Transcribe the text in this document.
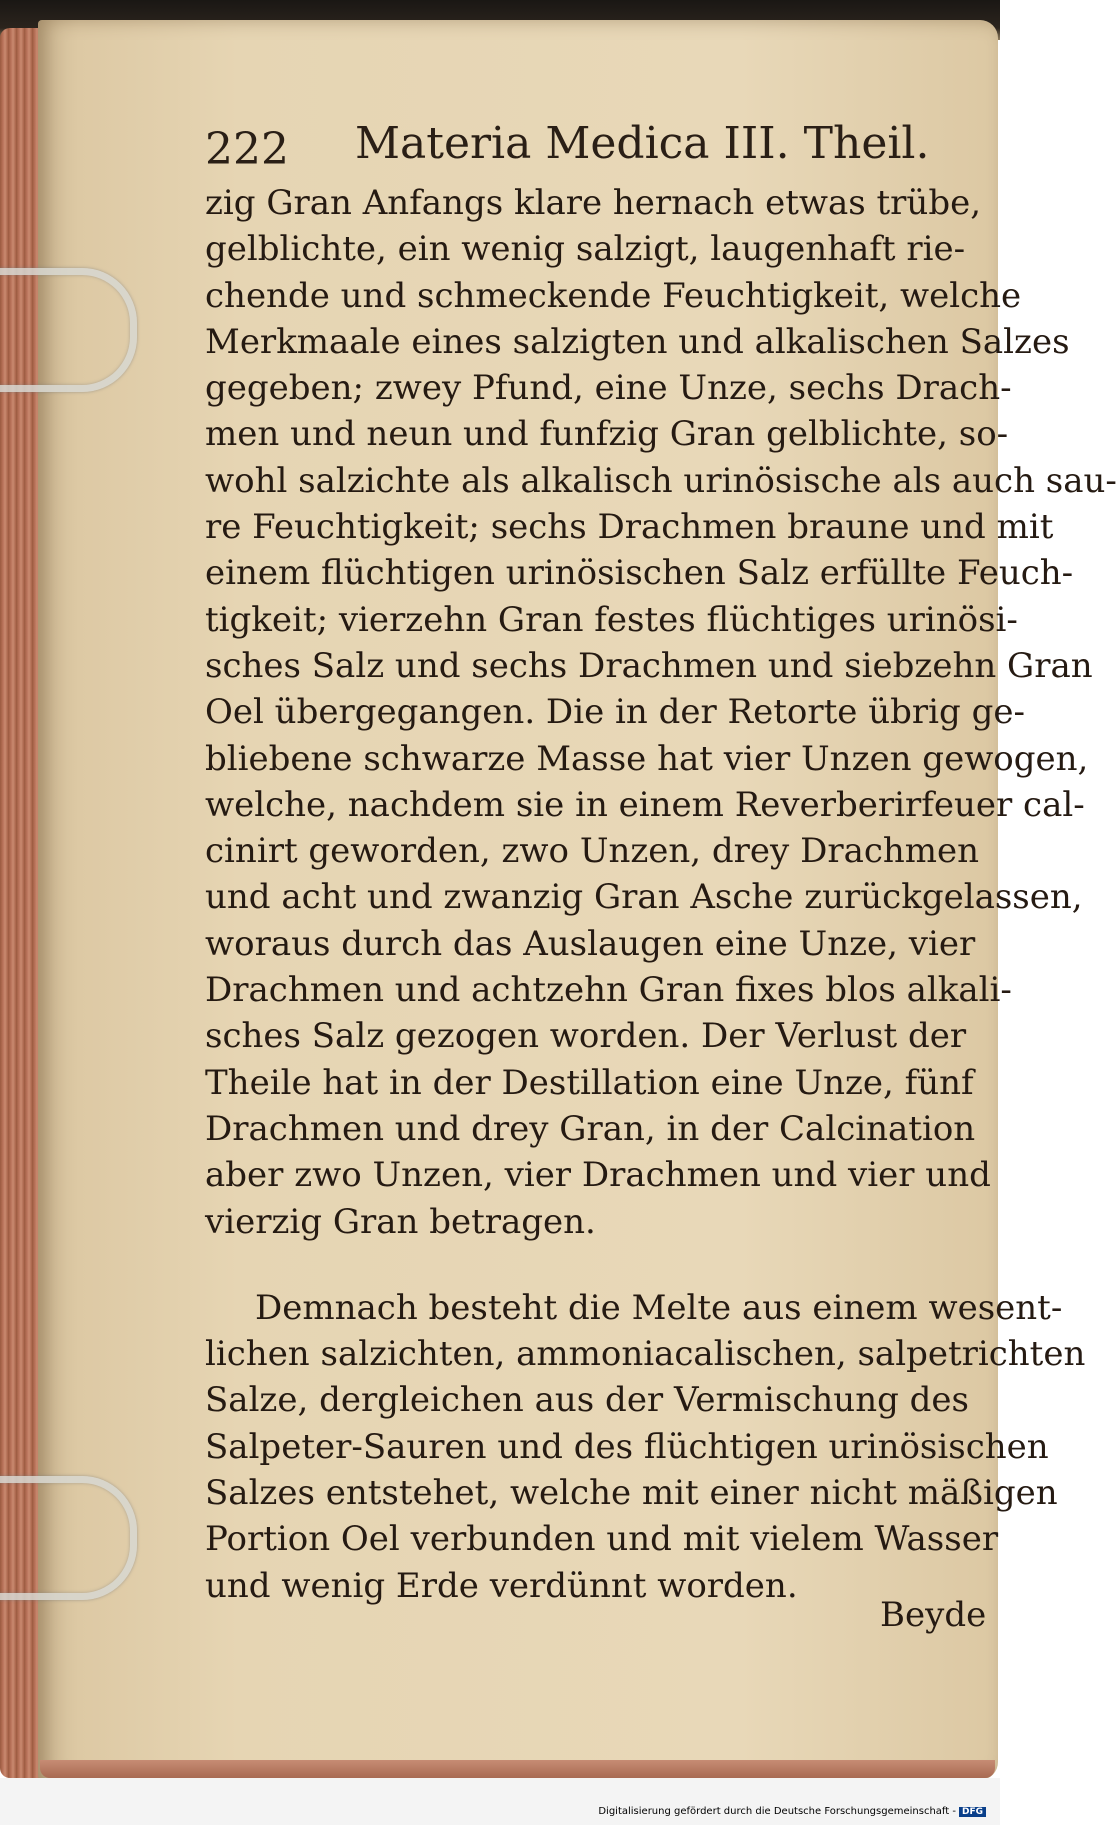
222 Materia Medica III. Theil.
zig Gran Anfangs klare hernach etwas trübe,
gelblichte, ein wenig salzigt, laugenhaft rie-
chende und schmeckende Feuchtigkeit, welche
Merkmaale eines salzigten und alkalischen Salzes
gegeben; zwey Pfund, eine Unze, sechs Drach-
men und neun und funfzig Gran gelblichte, so-
wohl salzichte als alkalisch urinösische als auch sau-
re Feuchtigkeit; sechs Drachmen braune und mit
einem flüchtigen urinösischen Salz erfüllte Feuch-
tigkeit; vierzehn Gran festes flüchtiges urinösi-
sches Salz und sechs Drachmen und siebzehn Gran
Oel übergegangen. Die in der Retorte übrig ge-
bliebene schwarze Masse hat vier Unzen gewogen,
welche, nachdem sie in einem Reverberirfeuer cal-
cinirt geworden, zwo Unzen, drey Drachmen
und acht und zwanzig Gran Asche zurückgelassen,
woraus durch das Auslaugen eine Unze, vier
Drachmen und achtzehn Gran fixes blos alkali-
sches Salz gezogen worden. Der Verlust der
Theile hat in der Destillation eine Unze, fünf
Drachmen und drey Gran, in der Calcination
aber zwo Unzen, vier Drachmen und vier und
vierzig Gran betragen.
Demnach besteht die Melte aus einem wesent-
lichen salzichten, ammoniacalischen, salpetrichten
Salze, dergleichen aus der Vermischung des
Salpeter-Sauren und des flüchtigen urinösischen
Salzes entstehet, welche mit einer nicht mäßigen
Portion Oel verbunden und mit vielem Wasser
und wenig Erde verdünnt worden.
Beyde
Digitalisierung gefördert durch die Deutsche Forschungsgemeinschaft - DFG
